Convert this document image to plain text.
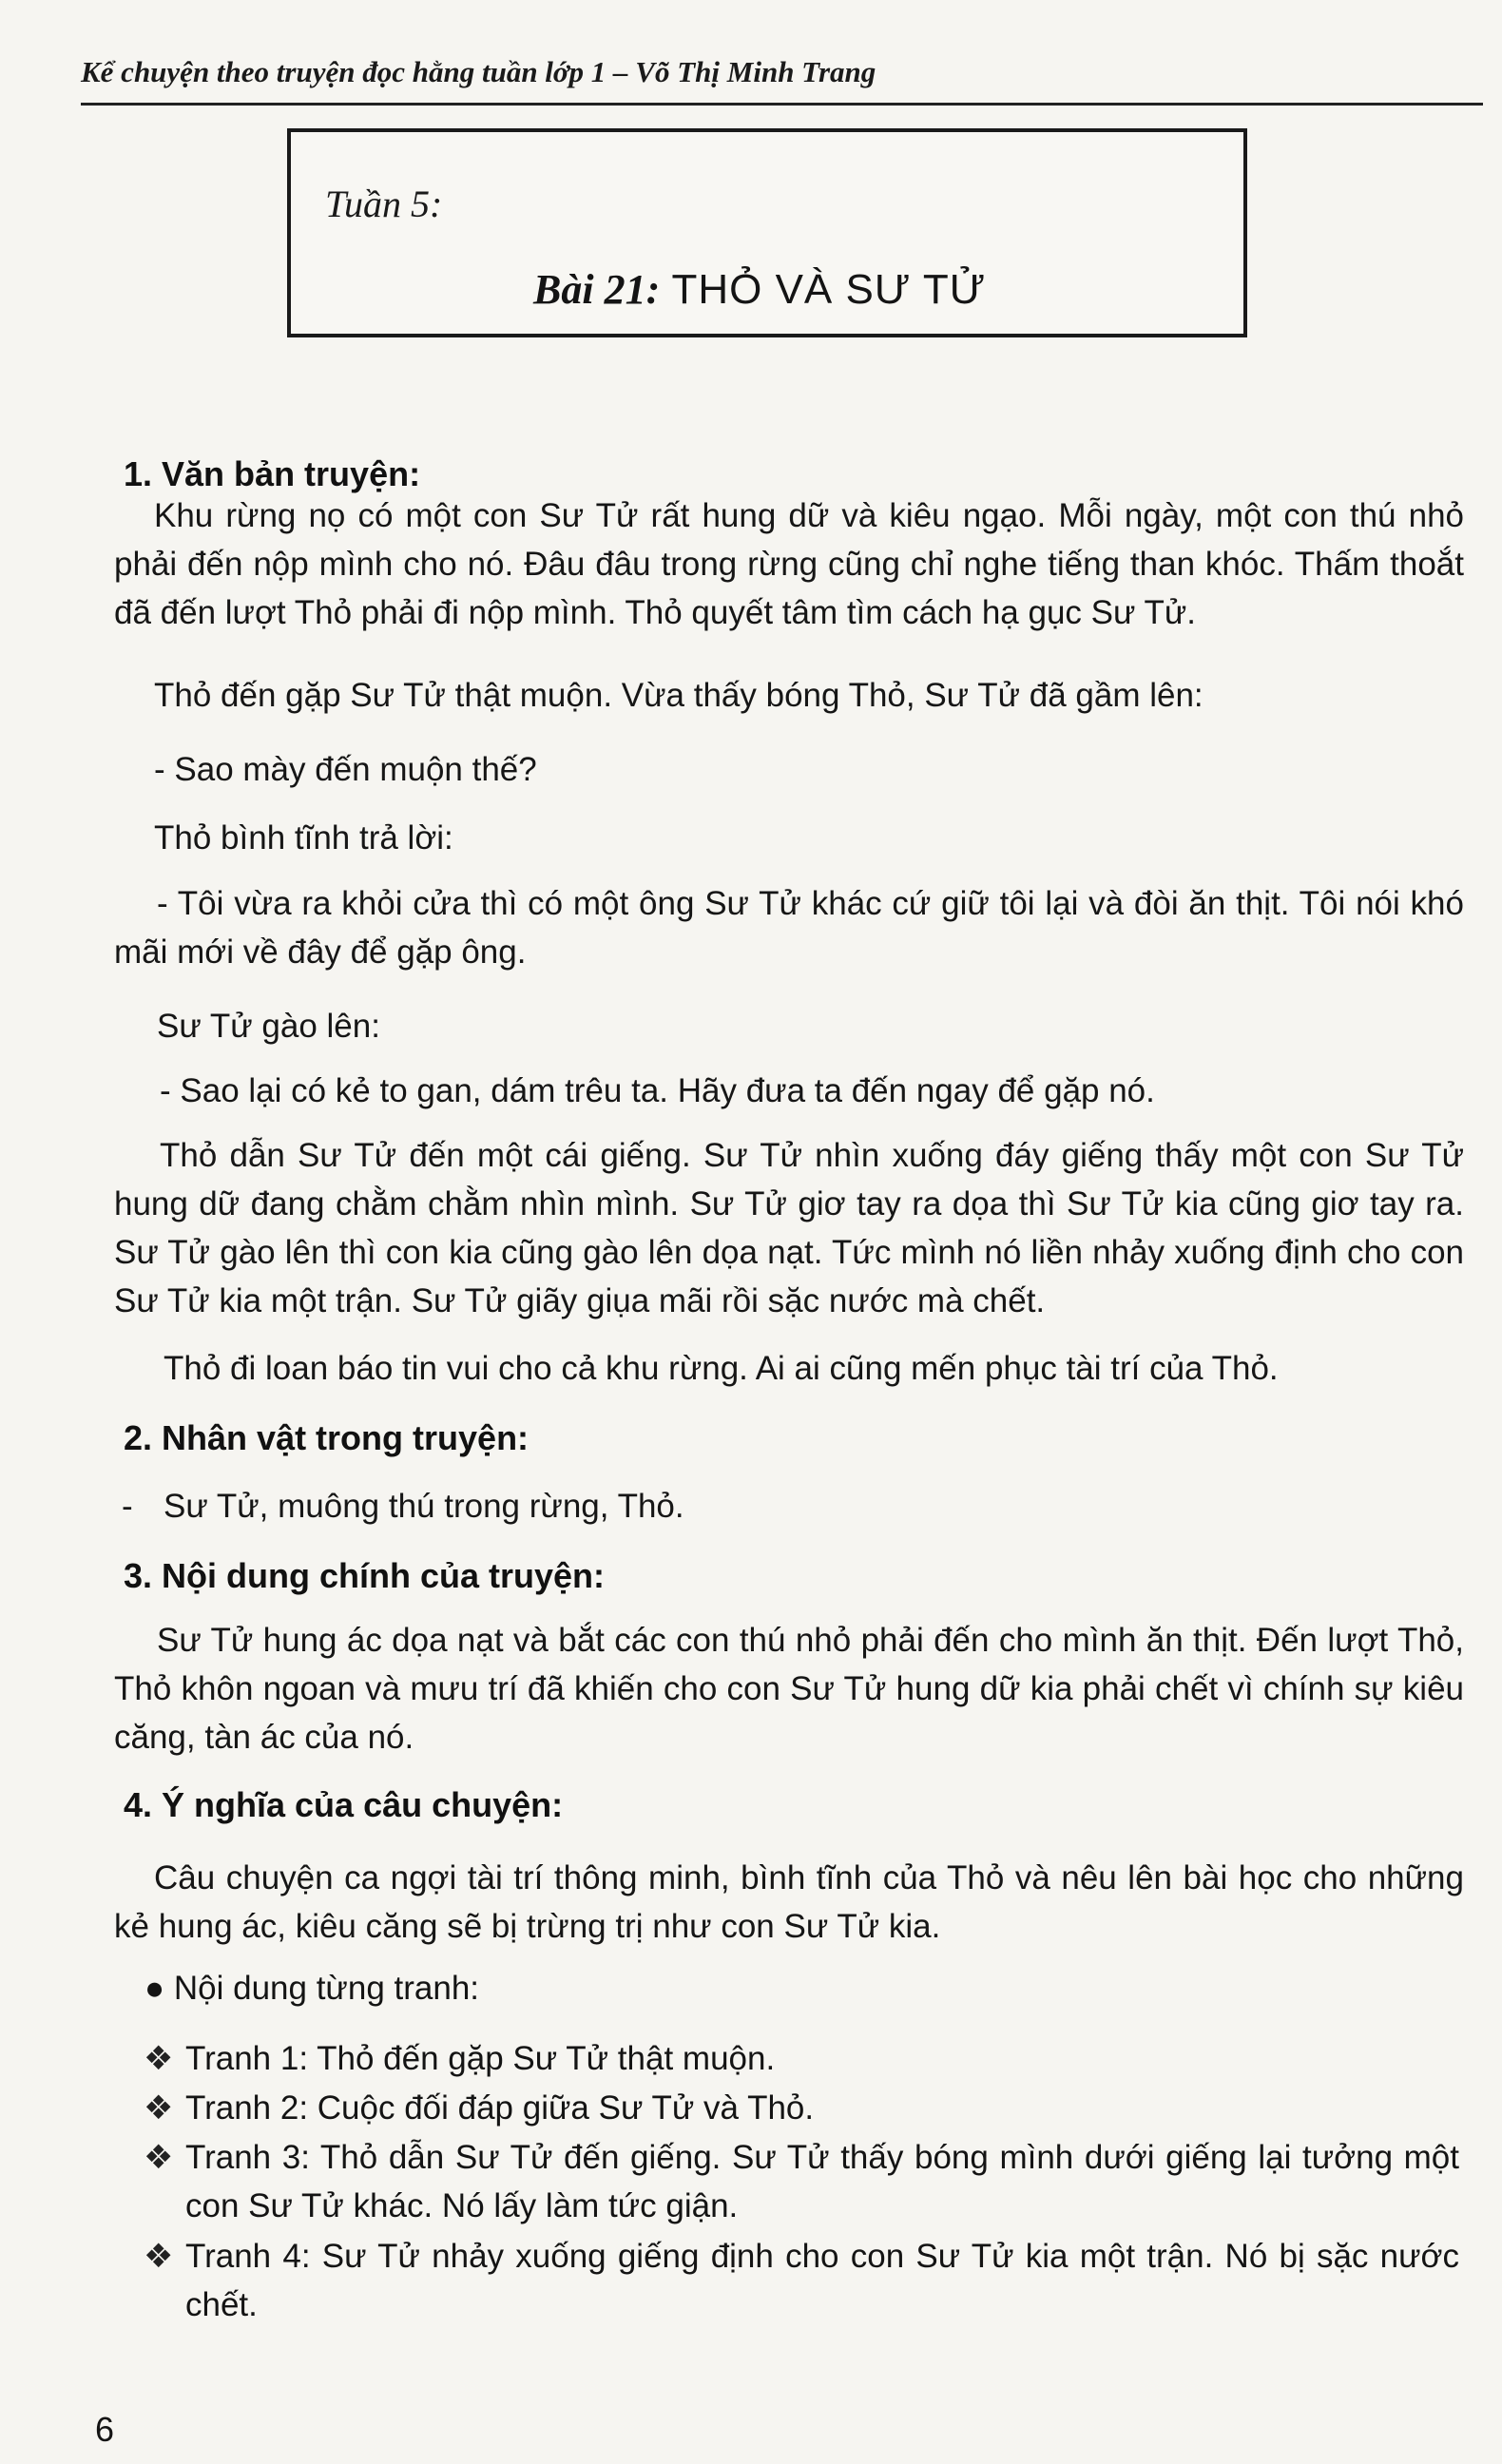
Kể chuyện theo truyện đọc hằng tuần lớp 1 – Võ Thị Minh Trang
Tuần 5:
Bài 21: THỎ VÀ SƯ TỬ
1. Văn bản truyện:
Khu rừng nọ có một con Sư Tử rất hung dữ và kiêu ngạo. Mỗi ngày, một con thú nhỏ phải đến nộp mình cho nó. Đâu đâu trong rừng cũng chỉ nghe tiếng than khóc. Thấm thoắt đã đến lượt Thỏ phải đi nộp mình. Thỏ quyết tâm tìm cách hạ gục Sư Tử.
Thỏ đến gặp Sư Tử thật muộn. Vừa thấy bóng Thỏ, Sư Tử đã gầm lên:
- Sao mày đến muộn thế?
Thỏ bình tĩnh trả lời:
- Tôi vừa ra khỏi cửa thì có một ông Sư Tử khác cứ giữ tôi lại và đòi ăn thịt. Tôi nói khó mãi mới về đây để gặp ông.
Sư Tử gào lên:
- Sao lại có kẻ to gan, dám trêu ta. Hãy đưa ta đến ngay để gặp nó.
Thỏ dẫn Sư Tử đến một cái giếng. Sư Tử nhìn xuống đáy giếng thấy một con Sư Tử hung dữ đang chằm chằm nhìn mình. Sư Tử giơ tay ra dọa thì Sư Tử kia cũng giơ tay ra. Sư Tử gào lên thì con kia cũng gào lên dọa nạt. Tức mình nó liền nhảy xuống định cho con Sư Tử kia một trận. Sư Tử giãy giụa mãi rồi sặc nước mà chết.
Thỏ đi loan báo tin vui cho cả khu rừng. Ai ai cũng mến phục tài trí của Thỏ.
2. Nhân vật trong truyện:
- Sư Tử, muông thú trong rừng, Thỏ.
3. Nội dung chính của truyện:
Sư Tử hung ác dọa nạt và bắt các con thú nhỏ phải đến cho mình ăn thịt. Đến lượt Thỏ, Thỏ khôn ngoan và mưu trí đã khiến cho con Sư Tử hung dữ kia phải chết vì chính sự kiêu căng, tàn ác của nó.
4. Ý nghĩa của câu chuyện:
Câu chuyện ca ngợi tài trí thông minh, bình tĩnh của Thỏ và nêu lên bài học cho những kẻ hung ác, kiêu căng sẽ bị trừng trị như con Sư Tử kia.
● Nội dung từng tranh:
❖ Tranh 1: Thỏ đến gặp Sư Tử thật muộn.
❖ Tranh 2: Cuộc đối đáp giữa Sư Tử và Thỏ.
❖ Tranh 3: Thỏ dẫn Sư Tử đến giếng. Sư Tử thấy bóng mình dưới giếng lại tưởng một con Sư Tử khác. Nó lấy làm tức giận.
❖ Tranh 4: Sư Tử nhảy xuống giếng định cho con Sư Tử kia một trận. Nó bị sặc nước chết.
6
